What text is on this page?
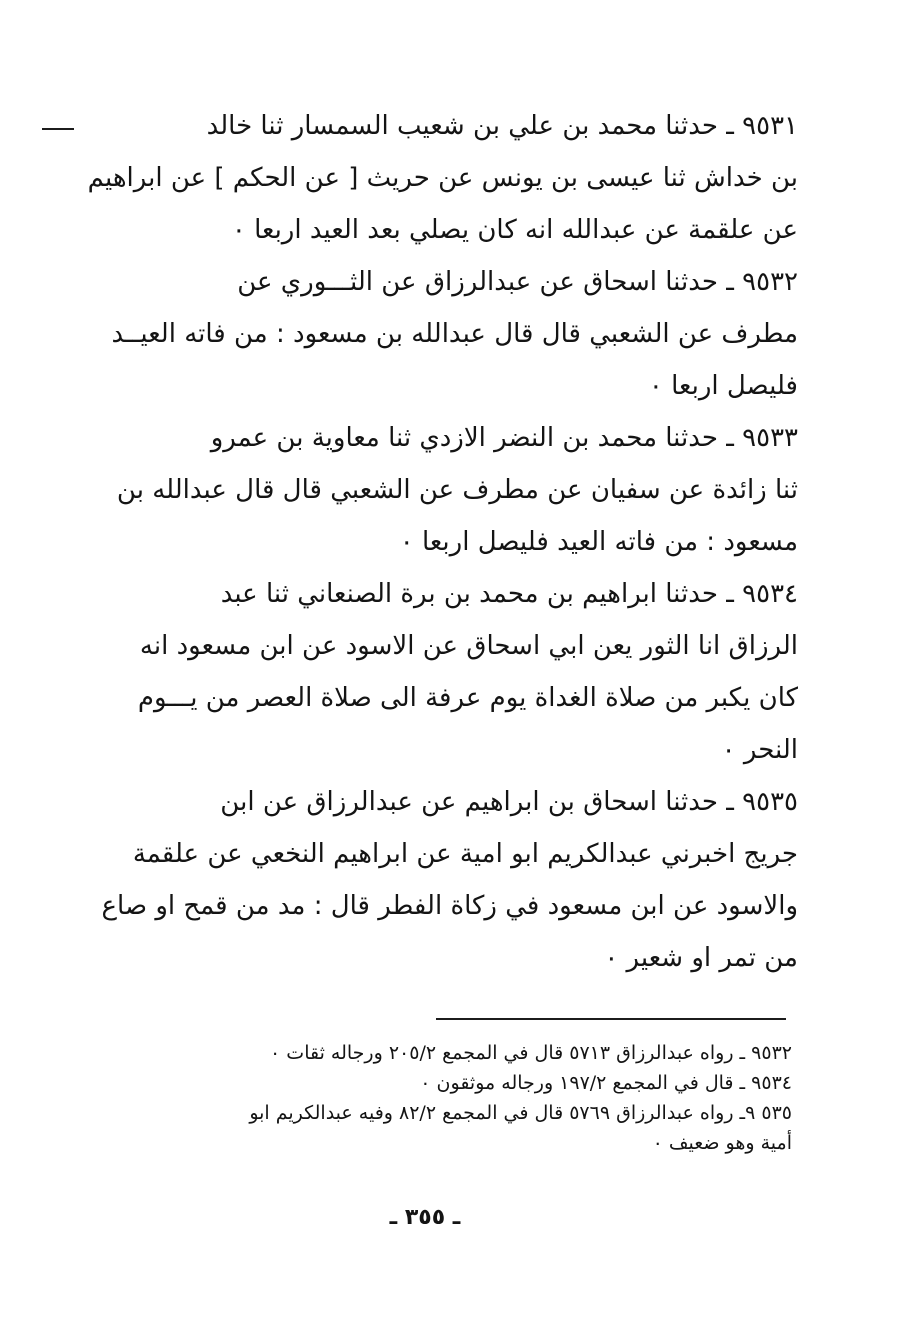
٩٥٣١ ـ حدثنا محمد بن علي بن شعيب السمسار ثنا خالد
بن خداش ثنا عيسى بن يونس عن حريث [ عن الحكم ] عن ابراهيم
عن علقمة عن عبدالله انه كان يصلي بعد العيد اربعا ٠
٩٥٣٢ ـ حدثنا اسحاق عن عبدالرزاق عن الثـــوري عن
مطرف عن الشعبي قال قال عبدالله بن مسعود : من فاته العيــد
فليصل اربعا ٠
٩٥٣٣ ـ حدثنا محمد بن النضر الازدي ثنا معاوية بن عمرو
ثنا زائدة عن سفيان عن مطرف عن الشعبي قال قال عبدالله بن
مسعود : من فاته العيد فليصل اربعا ٠
٩٥٣٤ ـ حدثنا ابراهيم بن محمد بن برة الصنعاني ثنا عبد
الرزاق انا الثور يعن ابي اسحاق عن الاسود عن ابن مسعود انه
كان يكبر من صلاة الغداة يوم عرفة الى صلاة العصر من يـــوم
النحر ٠
٩٥٣٥ ـ حدثنا اسحاق بن ابراهيم عن عبدالرزاق عن ابن
جريج اخبرني عبدالكريم ابو امية عن ابراهيم النخعي عن علقمة
والاسود عن ابن مسعود في زكاة الفطر قال : مد من قمح او صاع
من تمر او شعير ٠
٩٥٣٢ ـ رواه عبدالرزاق ٥٧١٣ قال في المجمع ٢٠٥/٢ ورجاله ثقات ٠
٩٥٣٤ ـ قال في المجمع ١٩٧/٢ ورجاله موثقون ٠
٥٣٥ ٩ـ رواه عبدالرزاق ٥٧٦٩ قال في المجمع ٨٢/٢ وفيه عبدالكريم ابو
أمية وهو ضعيف ٠
ـ ٣٥٥ ـ
